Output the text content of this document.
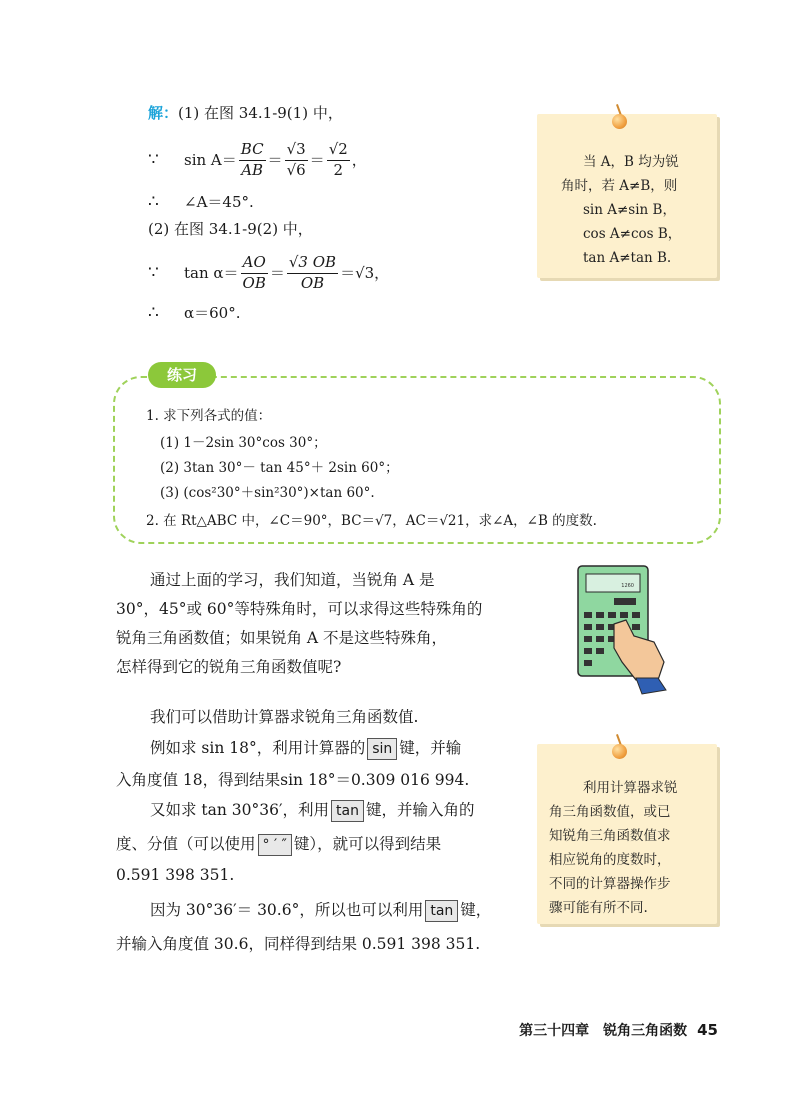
解：(1) 在图 34.1-9(1) 中，
∵	$\sin A= \frac{BC}{AB} = \frac{√3}{√6} = \frac{√2}{2}$ ，
∴ ∠A＝45°.
(2) 在图 34.1-9(2) 中，
∵	$\tan \alpha= \frac{AO}{OB} = \frac{√3 OB}{OB} =√3$，
∴ α＝60°.
当 A，B 均为锐
角时，若 A≠B，则
sin A≠sin B，
cos A≠cos B，
tan A≠tan B.
练习
1. 求下列各式的值：
(1) 1－2sin 30°cos 30°；
(2) 3tan 30°－ tan 45°＋ 2sin 60°；
(3) (cos²30°＋sin²30°)×tan 60°.
2. 在 Rt△ABC 中，∠C＝90°，BC＝√7，AC＝√21，求∠A，∠B 的度数.
通过上面的学习，我们知道，当锐角 A 是
30°，45°或 60°等特殊角时，可以求得这些特殊角的
锐角三角函数值；如果锐角 A 不是这些特殊角，
怎样得到它的锐角三角函数值呢?
我们可以借助计算器求锐角三角函数值.
例如求 sin 18°，利用计算器的 sin 键，并输
入角度值 18，得到结果sin 18°＝0.309 016 994.
又如求 tan 30°36′，利用 tan 键，并输入角的
度、分值（可以使用 ° ′ ″ 键），就可以得到结果
0.591 398 351.
因为 30°36′＝ 30.6°，所以也可以利用 tan 键，
并输入角度值 30.6，同样得到结果 0.591 398 351.
1260
利用计算器求锐
角三角函数值，或已
知锐角三角函数值求
相应锐角的度数时，
不同的计算器操作步
骤可能有所不同.
第三十四章　锐角三角函数 45
